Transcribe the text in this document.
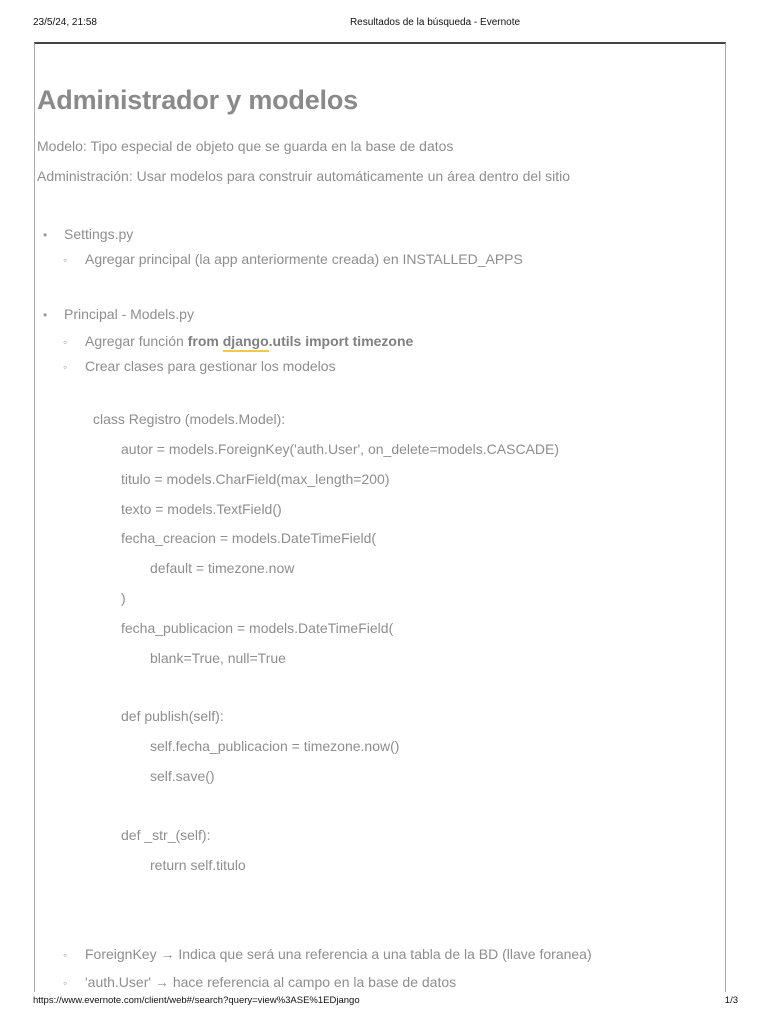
23/5/24, 21:58	Resultados de la búsqueda - Evernote
Administrador y modelos
Modelo: Tipo especial de objeto que se guarda en la base de datos
Administración: Usar modelos para construir automáticamente un área dentro del sitio
•
Settings.py
◦
Agregar principal (la app anteriormente creada) en INSTALLED_APPS
•
Principal - Models.py
◦
Agregar función from django.utils import timezone
◦
Crear clases para gestionar los modelos
class Registro (models.Model):
autor = models.ForeignKey('auth.User', on_delete=models.CASCADE)
titulo = models.CharField(max_length=200)
texto = models.TextField()
fecha_creacion = models.DateTimeField(
default = timezone.now
)
fecha_publicacion = models.DateTimeField(
blank=True, null=True
def publish(self):
self.fecha_publicacion = timezone.now()
self.save()
def _str_(self):
return self.titulo
◦
ForeignKey → Indica que será una referencia a una tabla de la BD (llave foranea)
◦
'auth.User' → hace referencia al campo en la base de datos
https://www.evernote.com/client/web#/search?query=view%3ASE%1EDjango	1/3
